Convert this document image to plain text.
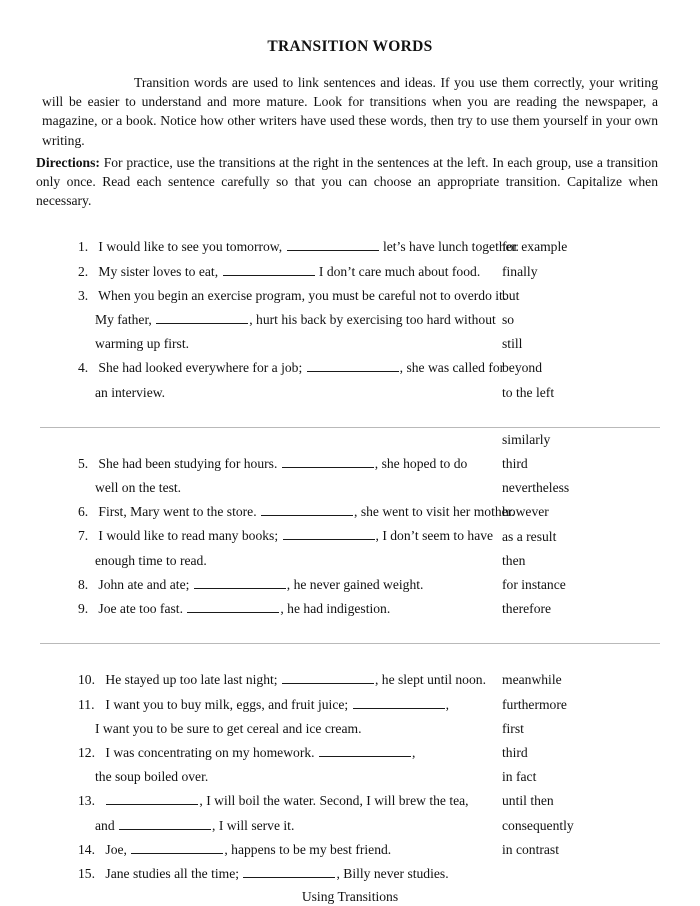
TRANSITION WORDS

Transition words are used to link sentences and ideas. If you use them correctly, your writing will be easier to understand and more mature. Look for transitions when you are reading the newspaper, a magazine, or a book. Notice how other writers have used these words, then try to use them yourself in your own writing.

Directions: For practice, use the transitions at the right in the sentences at the left. In each group, use a transition only once. Read each sentence carefully so that you can choose an appropriate transition. Capitalize when necessary.

1. I would like to see you tomorrow,	let’s have lunch together.
2. My sister loves to eat,	I don’t care much about food.
3. When you begin an exercise program, you must be careful not to overdo it.
My father,	, hurt his back by exercising too hard without
warming up first.
4. She had looked everywhere for a job;	, she was called for
an interview.
for example
finally
but
so
still
beyond
to the left
5. She had been studying for hours.	, she hoped to do
well on the test.
6. First, Mary went to the store.	, she went to visit her mother.
7. I would like to read many books;	, I don’t seem to have
enough time to read.
8. John ate and ate;	, he never gained weight.
9. Joe ate too fast.	, he had indigestion.
similarly
third
nevertheless
however
as a result
then
for instance
therefore
10. He stayed up too late last night;	, he slept until noon.
11. I want you to buy milk, eggs, and fruit juice;	,
I want you to be sure to get cereal and ice cream.
12. I was concentrating on my homework.	,
the soup boiled over.
13.	, I will boil the water. Second, I will brew the tea,
and	, I will serve it.
14. Joe,	, happens to be my best friend.
15. Jane studies all the time;	, Billy never studies.
meanwhile
furthermore
first
third
in fact
until then
consequently
in contrast
Using Transitions
